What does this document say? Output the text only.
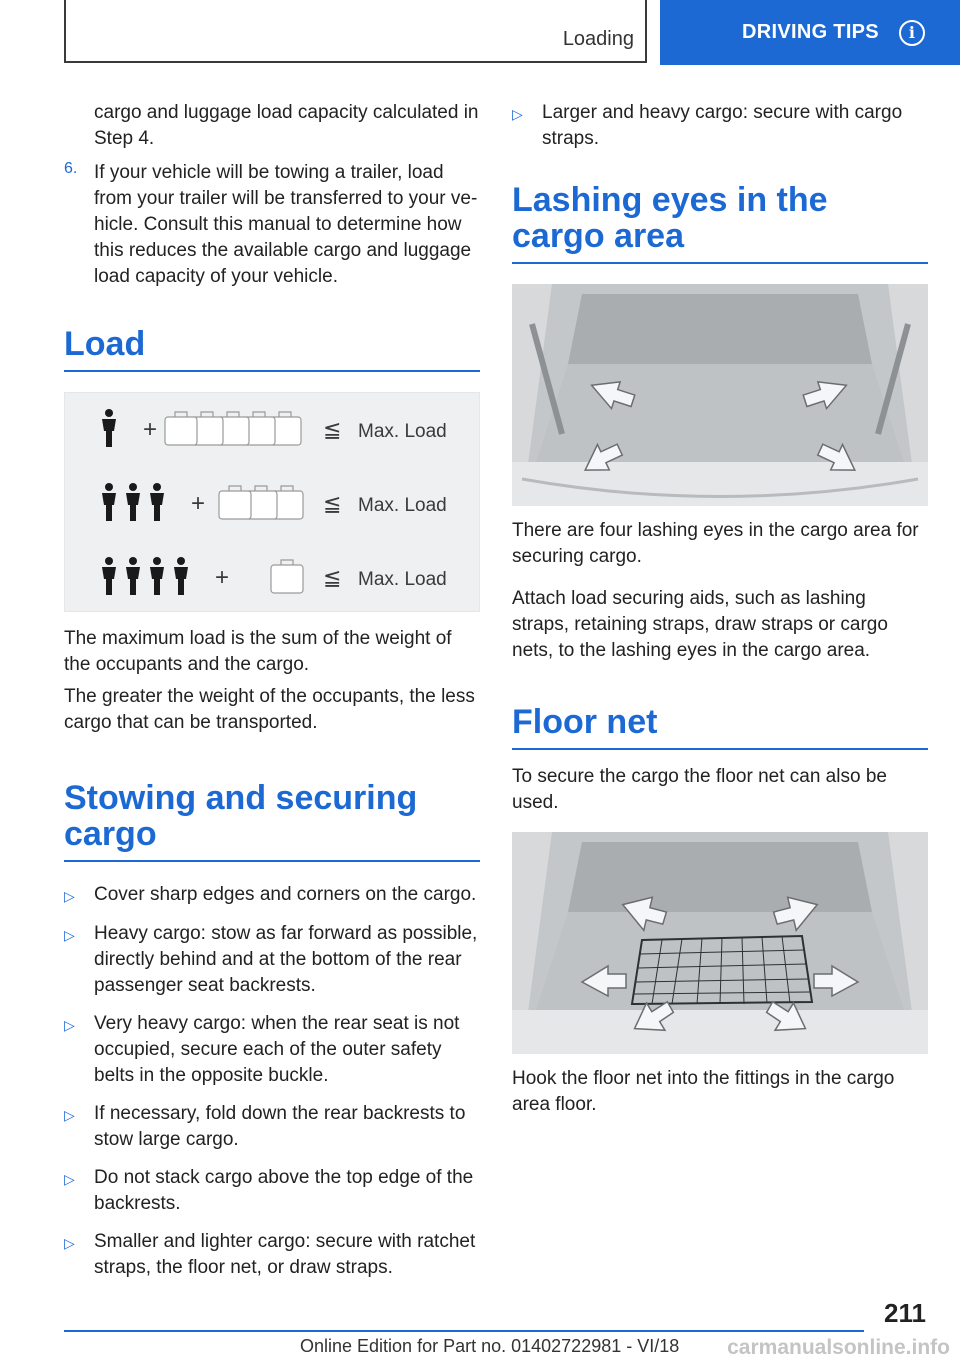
Loading	DRIVING TIPS	i

cargo and luggage load capacity calculated in Step 4.

6. If your vehicle will be towing a trailer, load from your trailer will be transferred to your ve‐hicle. Consult this manual to determine how this reduces the available cargo and luggage load capacity of your vehicle.

Load
+	≦ Max. Load
+	≦ Max. Load
+	≦ Max. Load

The maximum load is the sum of the weight of the occupants and the cargo.

The greater the weight of the occupants, the less cargo that can be transported.

Stowing and securing cargo
▷	Cover sharp edges and corners on the cargo.
▷	Heavy cargo: stow as far forward as possible, directly behind and at the bottom of the rear passenger seat backrests.
▷	Very heavy cargo: when the rear seat is not occupied, secure each of the outer safety belts in the opposite buckle.
▷	If necessary, fold down the rear backrests to stow large cargo.
▷	Do not stack cargo above the top edge of the backrests.
▷	Smaller and lighter cargo: secure with ratchet straps, the floor net, or draw straps.
▷	Larger and heavy cargo: secure with cargo straps.
Lashing eyes in the cargo area

There are four lashing eyes in the cargo area for securing cargo.

Attach load securing aids, such as lashing straps, retaining straps, draw straps or cargo nets, to the lashing eyes in the cargo area.

Floor net

To secure the cargo the floor net can also be used.

Hook the floor net into the fittings in the cargo area floor.

211
Online Edition for Part no. 01402722981 - VI/18 carmanualsonline.info
